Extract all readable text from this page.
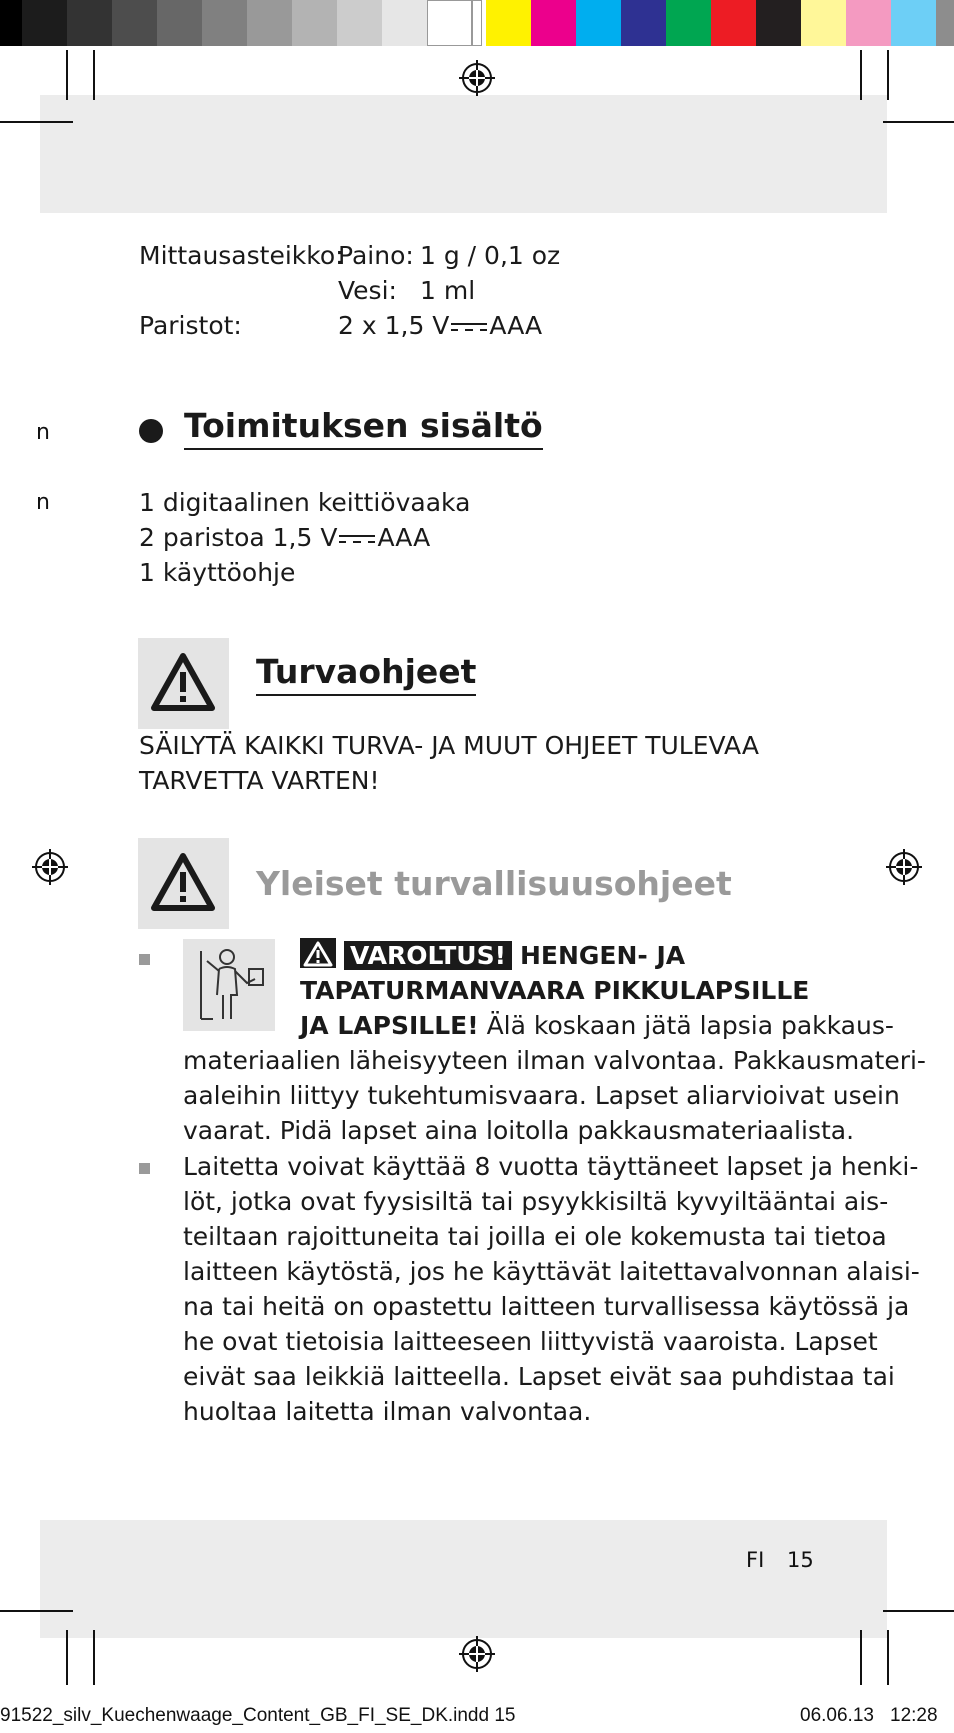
n
n
Mittausasteikko:
Paino: 1 g / 0,1 oz
Vesi: 1 ml
Paristot:	2 x 1,5 V AAA
Toimituksen sisältö
1 digitaalinen keittiövaaka
2 paristoa 1,5 V AAA
1 käyttöohje
Turvaohjeet
SÄILYTÄ KAIKKI TURVA- JA MUUT OHJEET TULEVAA
TARVETTA VARTEN!
Yleiset turvallisuusohjeet
VAROLTUS! HENGEN- JA
TAPATURMANVAARA PIKKULAPSILLE
JA LAPSILLE! Älä koskaan jätä lapsia pakkaus-
materiaalien läheisyyteen ilman valvontaa. Pakkausmateri-
aaleihin liittyy tukehtumisvaara. Lapset aliarvioivat usein
vaarat. Pidä lapset aina loitolla pakkausmateriaalista.
Laitetta voivat käyttää 8 vuotta täyttäneet lapset ja henki-
löt, jotka ovat fyysisiltä tai psyykkisiltä kyvyiltääntai ais-
teiltaan rajoittuneita tai joilla ei ole kokemusta tai tietoa
laitteen käytöstä, jos he käyttävät laitettavalvonnan alaisi-
na tai heitä on opastettu laitteen turvallisessa käytössä ja
he ovat tietoisia laitteeseen liittyvistä vaaroista. Lapset
eivät saa leikkiä laitteella. Lapset eivät saa puhdistaa tai
huoltaa laitetta ilman valvontaa.
FI 15
91522_silv_Kuechenwaage_Content_GB_FI_SE_DK.indd 15	06.06.13 12:28
